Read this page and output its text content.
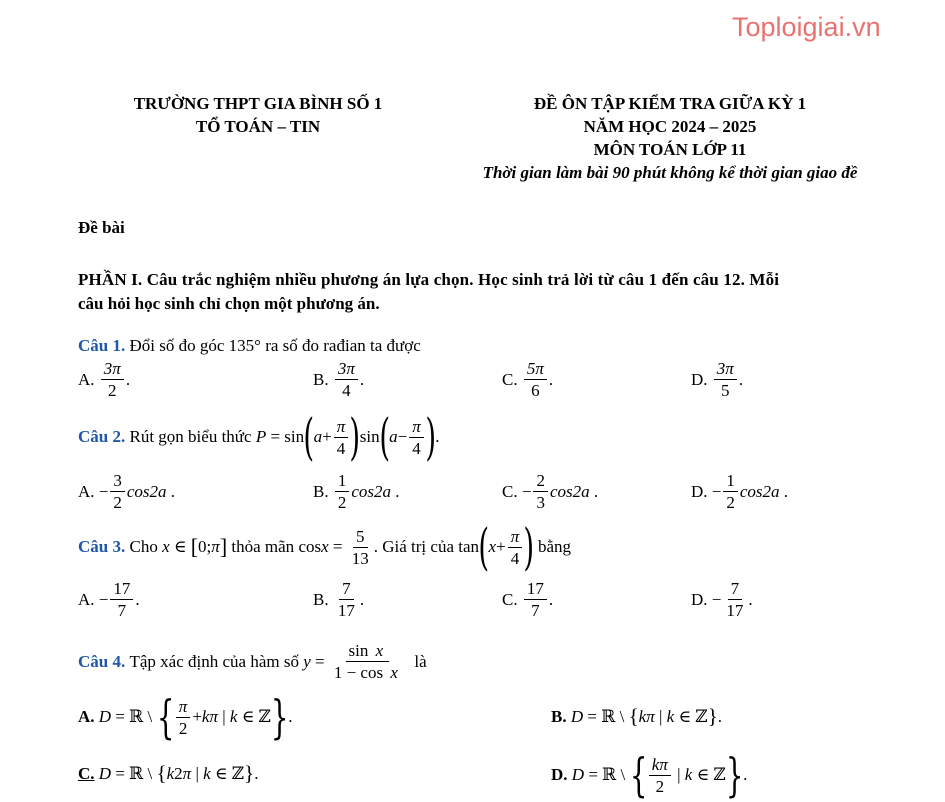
Toploigiai.vn
TRƯỜNG THPT GIA BÌNH SỐ 1
TỔ TOÁN – TIN
ĐỀ ÔN TẬP KIỂM TRA GIỮA KỲ 1
NĂM HỌC 2024 – 2025
MÔN TOÁN LỚP 11
Thời gian làm bài 90 phút không kể thời gian giao đề
Đề bài
PHẦN I. Câu trắc nghiệm nhiều phương án lựa chọn. Học sinh trả lời từ câu 1 đến câu 12. Mỗi
câu hỏi học sinh chỉ chọn một phương án.
Câu 1.
Đổi số đo góc 135° ra số đo rađian ta được
A.
$\frac{3\pi}{2}$ .	B.
$\frac{3\pi}{4}$ .	C.
$\frac{5\pi}{6}$ .	D.
$\frac{3\pi}{5}$ .
Câu 2.
Rút gọn biểu thức
P = sin ( $a + \frac{\pi}{4}$ ) sin ( $a - \frac{\pi}{4}$ ) .
A.
− $\frac{3}{2} \cos 2a$ .	B.
$\frac{1}{2} \cos 2a$ .	C.
− $\frac{2}{3} \cos 2a$ .	D.
− $\frac{1}{2} \cos 2a$ .
Câu 3.
Cho
x ∈ [ 0; π ]
thỏa mãn $\cos x = \frac{5}{13}$ . Giá trị của tan ( $x + \frac{\pi}{4}$ )
bằng
A.
− $\frac{17}{7}$ .	B.
$\frac{7}{17}$ .	C.
$\frac{17}{7}$ .	D.
− $\frac{7}{17}$ .
Câu 4.
Tập xác định của hàm số
$y = \frac{\text{sin x}}{\text{1 − cos x}}$
là
A.
D = ℝ \ { $\frac{\pi}{2} + k\pi$ | k ∈ ℤ } .	B.
D = ℝ \ { kπ | k ∈ ℤ } .
C.
D = ℝ \ { k 2 π | k ∈ ℤ } .	D.
D = ℝ \ { $\frac{k\pi}{2}$ | k ∈ ℤ } .
